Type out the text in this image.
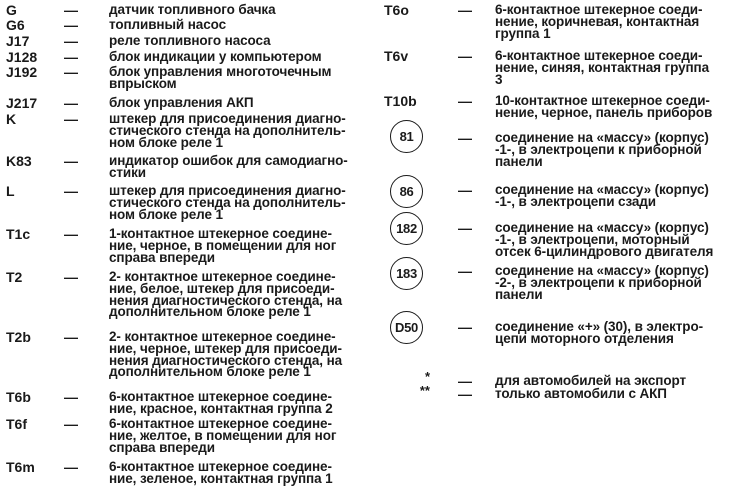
G	— датчик топливного бачка
G6	— топливный насос
J17 — реле топливного насоса
J128 — блок индикации у компьютером
J192 — блок управления многоточечным
впрыском
J217 — блок управления АКП
K	— штекер для присоединения диагно-
стического стенда на дополнитель-
ном блоке реле 1
K83 — индикатор ошибок для самодиагно-
стики
L	— штекер для присоединения диагно-
стического стенда на дополнитель-
ном блоке реле 1
T1c — 1-контактное штекерное соедине-
ние, черное, в помещении для ног
справа впереди
T2	— 2- контактное штекерное соедине-
ние, белое, штекер для присоеди-
нения диагностического стенда, на
дополнительном блоке реле 1
T2b — 2- контактное штекерное соедине-
ние, черное, штекер для присоеди-
нения диагностического стенда, на
дополнительном блоке реле 1
T6b — 6-контактное штекерное соедине-
ние, красное, контактная группа 2
T6f	— 6-контактное штекерное соедине-
ние, желтое, в помещении для ног
справа впереди
T6m — 6-контактное штекерное соедине-
ние, зеленое, контактная группа 1
T6o	— 6-контактное штекерное соеди-
нение, коричневая, контактная
группа 1
T6v	— 6-контактное штекерное соеди-
нение, синяя, контактная группа
3
T10b	— 10-контактное штекерное соеди-
нение, черное, панель приборов
81	— соединение на «массу» (корпус)
-1-, в электроцепи к приборной
панели
86	— соединение на «массу» (корпус)
-1-, в электроцепи сзади
182	— соединение на «массу» (корпус)
-1-, в электроцепи, моторный
отсек 6-цилиндрового двигателя
183	— соединение на «массу» (корпус)
-2-, в электроцепи к приборной
панели
D50	— соединение «+» (30), в электро-
цепи моторного отделения
* — для автомобилей на экспорт
** — только автомобили с АКП
